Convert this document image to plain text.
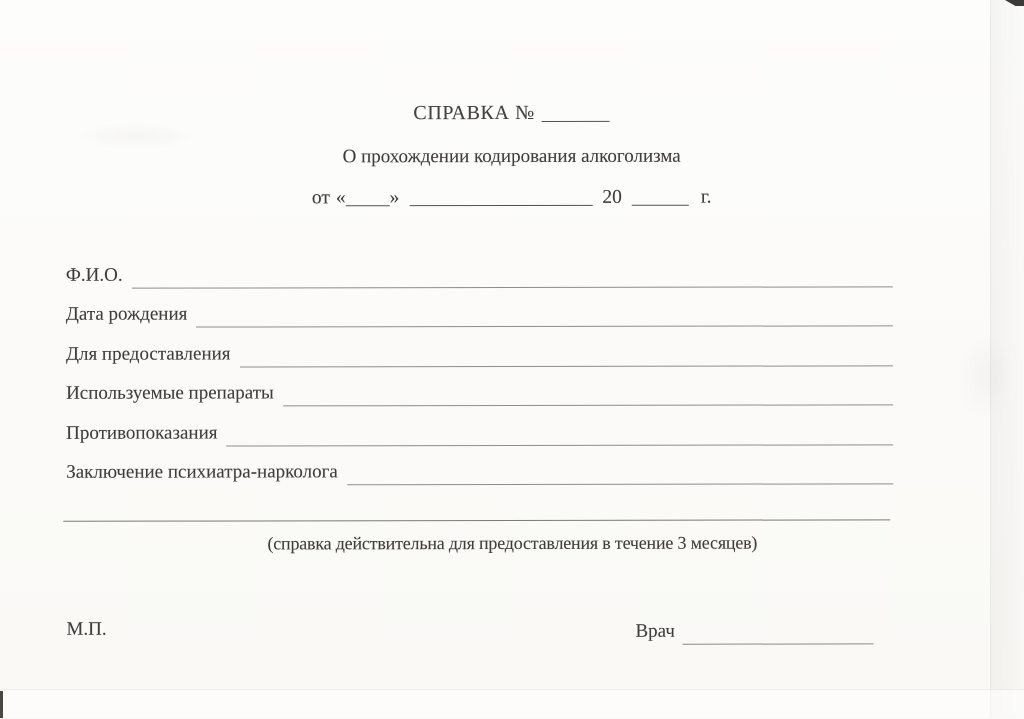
СПРАВКА №
О прохождении кодирования алкоголизма
от « »	20	г.
Ф.И.О.
Дата рождения
Для предоставления
Используемые препараты
Противопоказания
Заключение психиатра-нарколога
(справка действительна для предоставления в течение 3 месяцев)
М.П.	Врач
